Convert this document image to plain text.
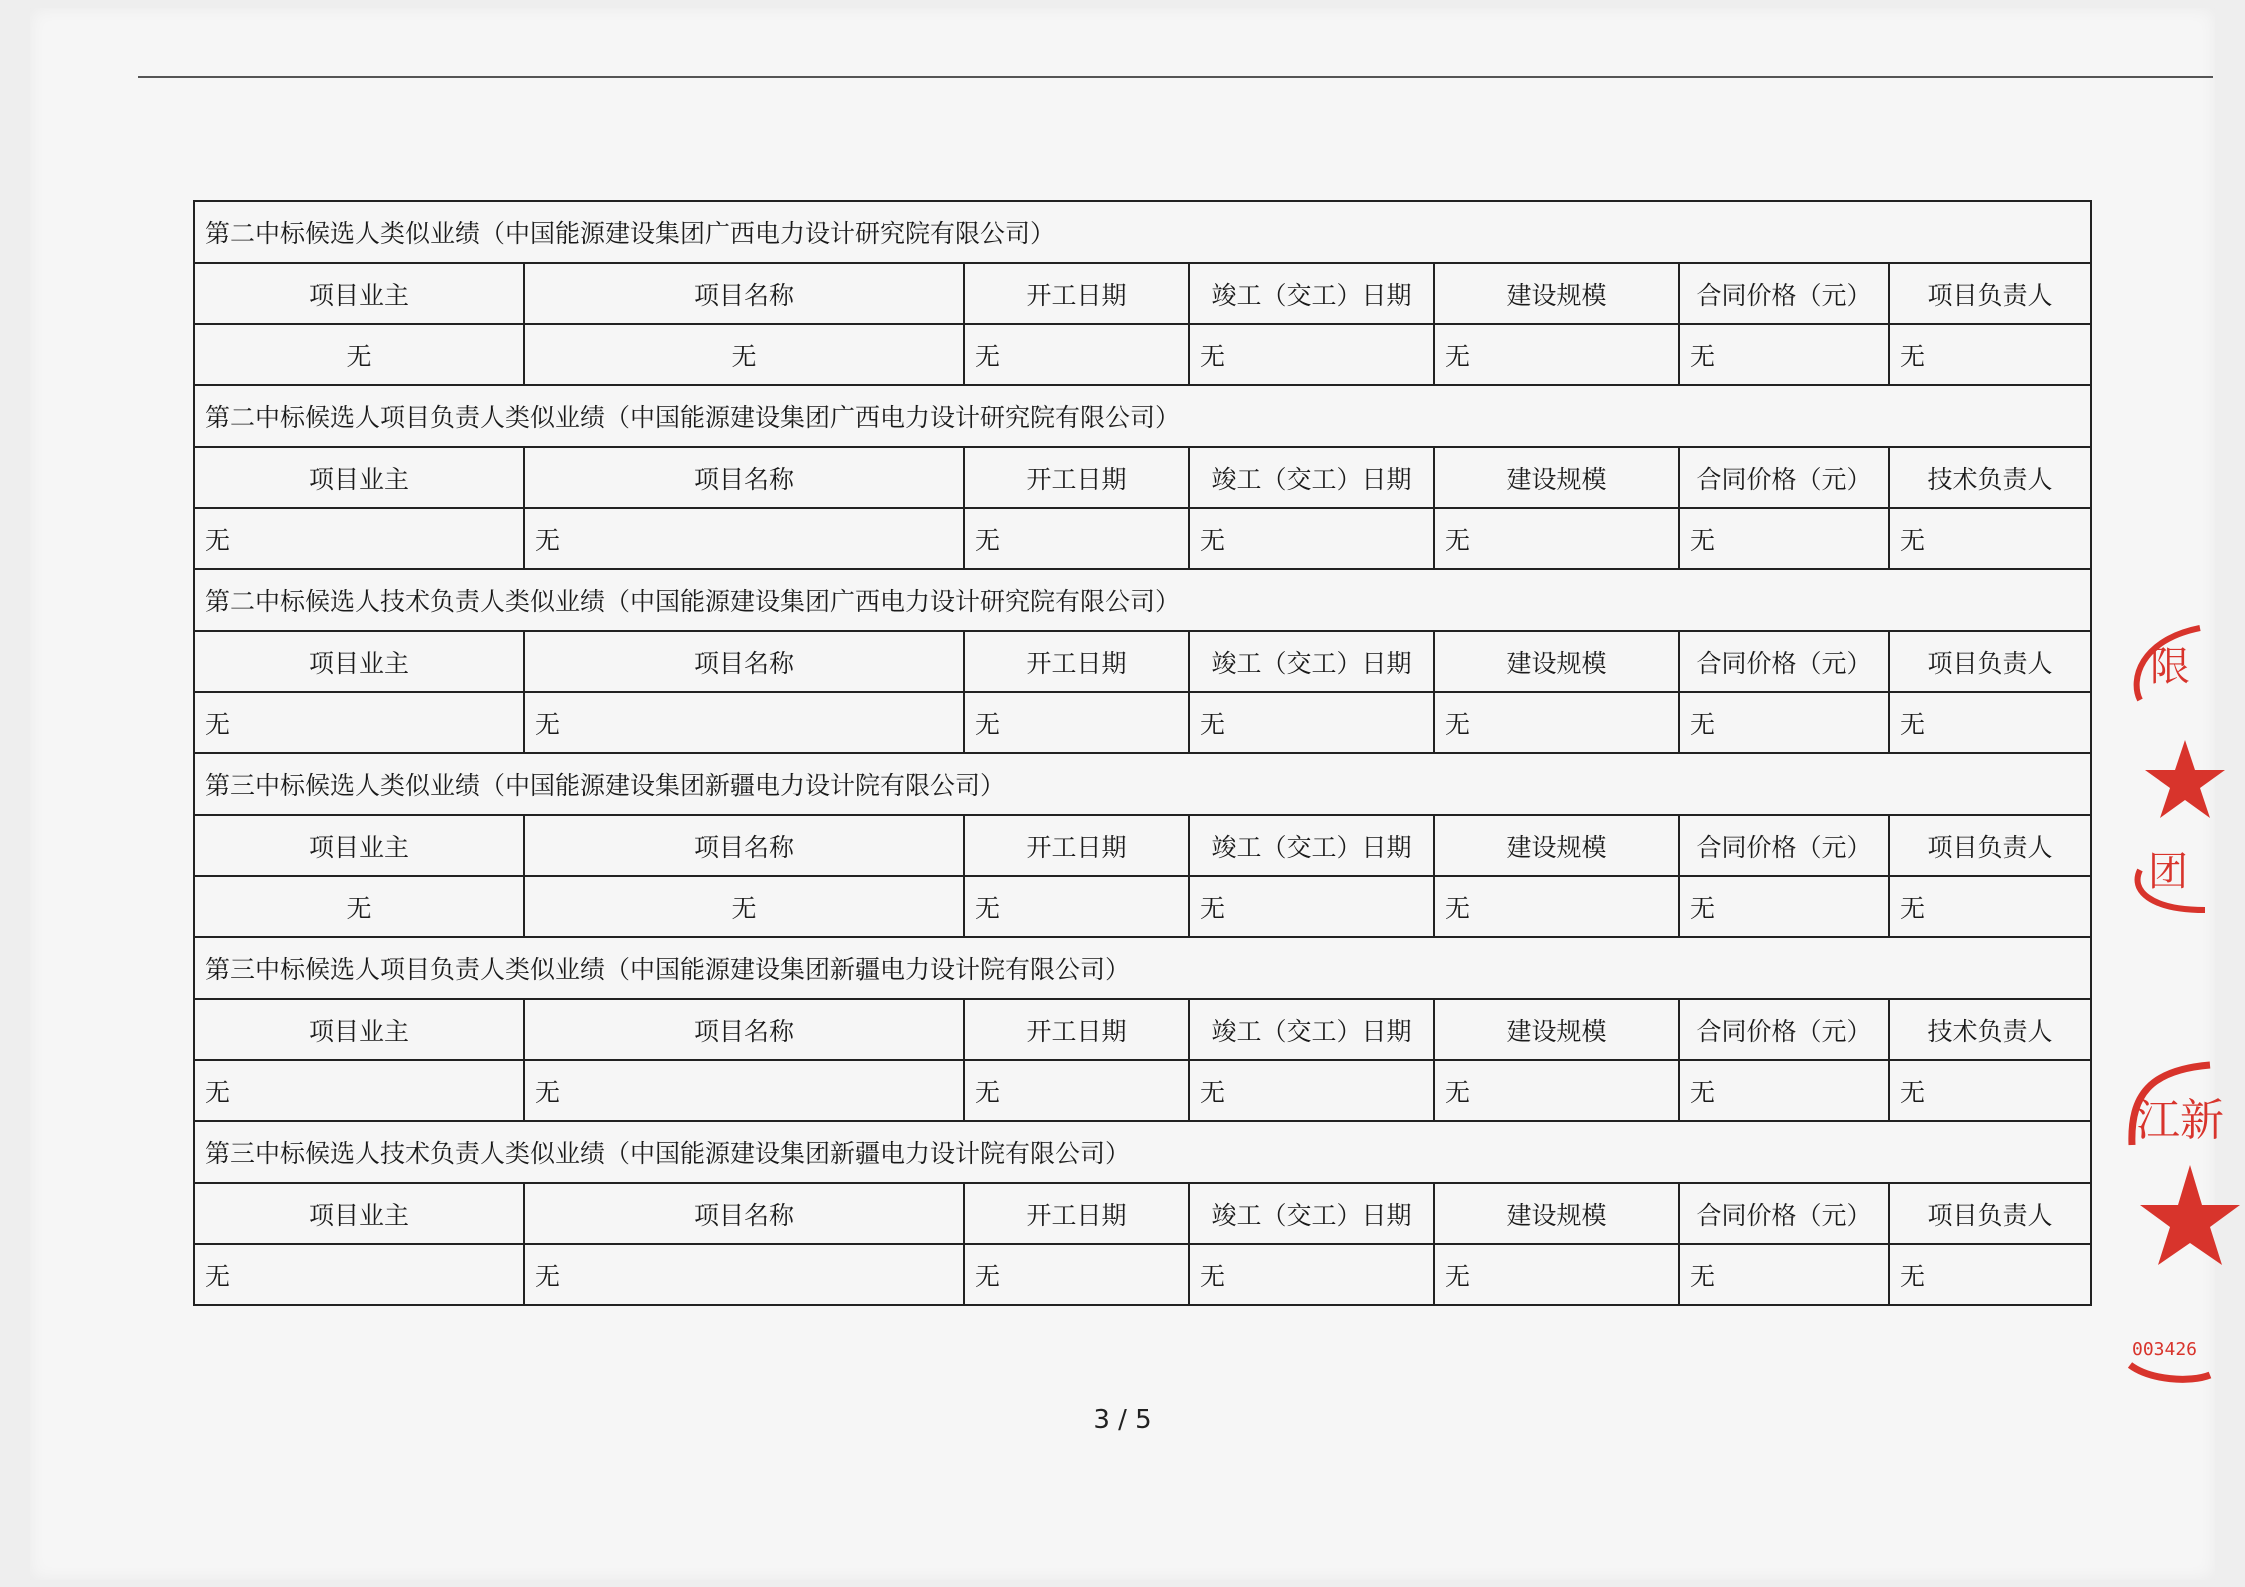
第二中标候选人类似业绩（中国能源建设集团广西电力设计研究院有限公司）						
项目业主	项目名称	开工日期	竣工（交工）日期	建设规模	合同价格（元）	项目负责人
无	无	无	无	无	无	无
第二中标候选人项目负责人类似业绩（中国能源建设集团广西电力设计研究院有限公司）						
项目业主	项目名称	开工日期	竣工（交工）日期	建设规模	合同价格（元）	技术负责人
无	无	无	无	无	无	无
第二中标候选人技术负责人类似业绩（中国能源建设集团广西电力设计研究院有限公司）						
项目业主	项目名称	开工日期	竣工（交工）日期	建设规模	合同价格（元）	项目负责人
无	无	无	无	无	无	无
第三中标候选人类似业绩（中国能源建设集团新疆电力设计院有限公司）						
项目业主	项目名称	开工日期	竣工（交工）日期	建设规模	合同价格（元）	项目负责人
无	无	无	无	无	无	无
第三中标候选人项目负责人类似业绩（中国能源建设集团新疆电力设计院有限公司）						
项目业主	项目名称	开工日期	竣工（交工）日期	建设规模	合同价格（元）	技术负责人
无	无	无	无	无	无	无
第三中标候选人技术负责人类似业绩（中国能源建设集团新疆电力设计院有限公司）						
项目业主	项目名称	开工日期	竣工（交工）日期	建设规模	合同价格（元）	项目负责人
无	无	无	无	无	无	无
3 / 5
限
团
江新
003426
